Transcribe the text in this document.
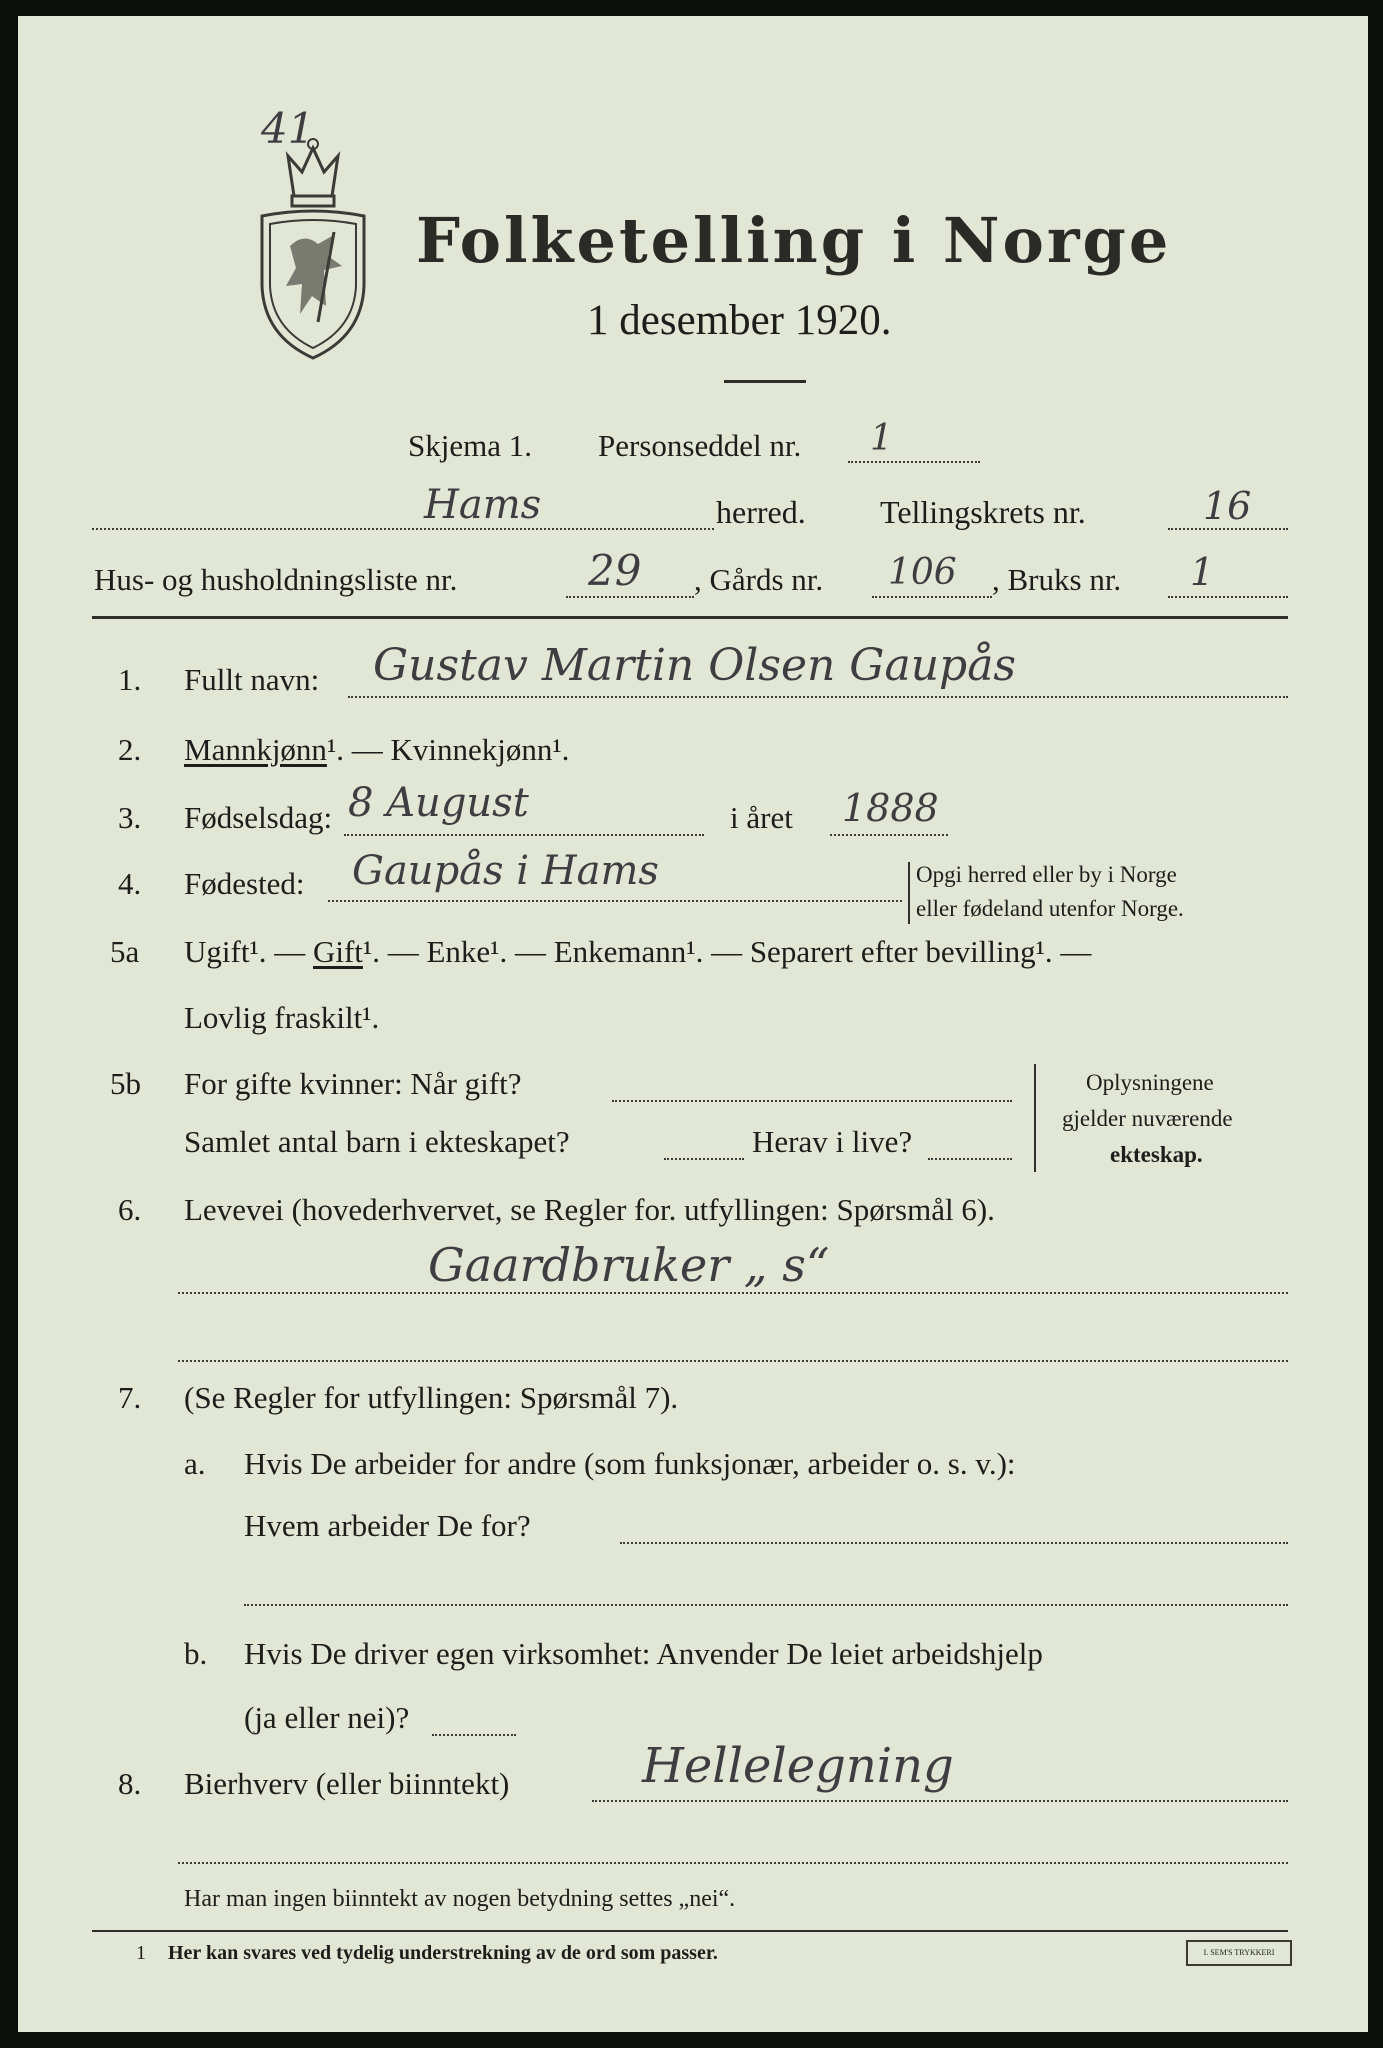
41
Folketelling i Norge
1 desember 1920.
Skjema 1. Personseddel nr. 1
Hams	herred. Tellingskrets nr.	16
Hus- og husholdningsliste nr.	29 , Gårds nr. 106 , Bruks nr. 1
1. Fullt navn: Gustav Martin Olsen Gaupås
2. Mannkjønn¹. — Kvinnekjønn¹.
3. Fødselsdag: 8 August	i året 1888
4. Fødested: Gaupås i Hams	Opgi herred eller by i Norge
eller fødeland utenfor Norge.
5a Ugift¹. — Gift¹. — Enke¹. — Enkemann¹. — Separert efter bevilling¹. —
Lovlig fraskilt¹.
5b For gifte kvinner: Når gift?
Samlet antal barn i ekteskapet?	Herav i live?
Oplysningene
gjelder nuværende
ekteskap.
6. Levevei (hovederhvervet, se Regler for. utfyllingen: Spørsmål 6).
Gaardbruker „ s“
7. (Se Regler for utfyllingen: Spørsmål 7).
a. Hvis De arbeider for andre (som funksjonær, arbeider o. s. v.):
Hvem arbeider De for?
b. Hvis De driver egen virksomhet: Anvender De leiet arbeidshjelp
(ja eller nei)?
8. Bierhverv (eller biinntekt)	Hellelegning
Har man ingen biinntekt av nogen betydning settes „nei“.
1 Her kan svares ved tydelig understrekning av de ord som passer.	I. SEM'S TRYKKERI
